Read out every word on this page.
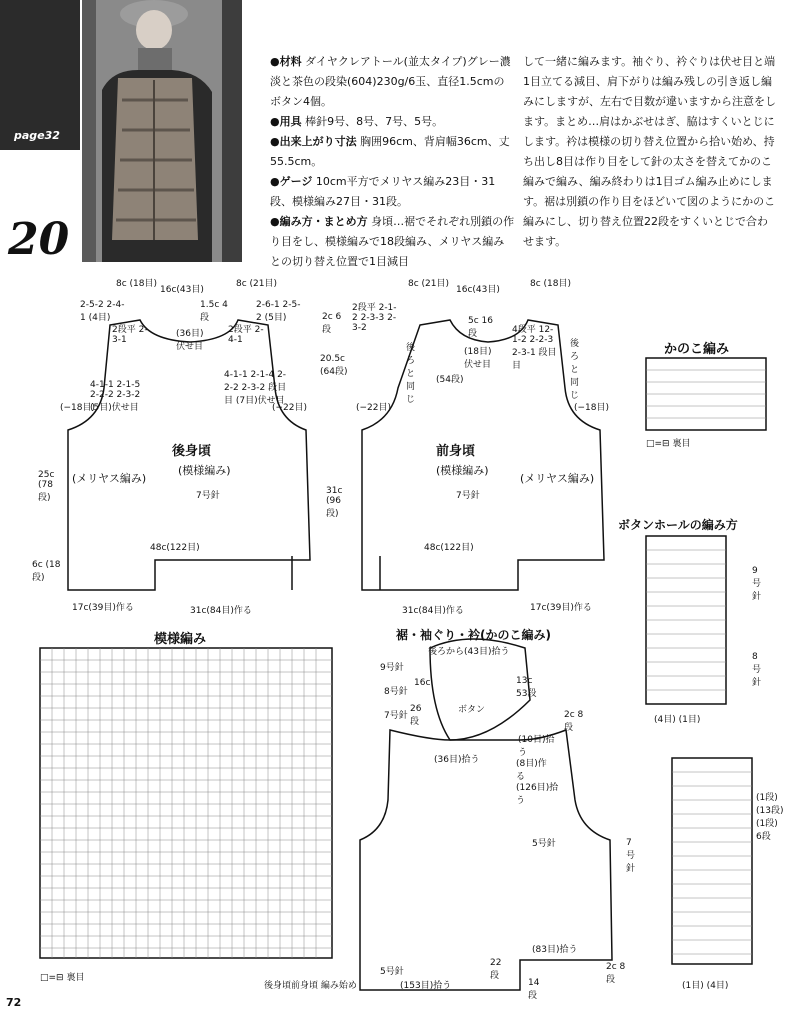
page32
20
●材料 ダイヤクレアトール(並太タイプ)グレー濃淡と茶色の段染(604)230g/6玉、直径1.5cmのボタン4個。
●用具 棒針9号、8号、7号、5号。
●出来上がり寸法 胸囲96cm、背肩幅36cm、丈55.5cm。
●ゲージ 10cm平方でメリヤス編み23目・31段、模様編み27目・31段。
●編み方・まとめ方 身頃…裾でそれぞれ別鎖の作り目をし、模様編みで18段編み、メリヤス編みとの切り替え位置で1目減目
して一緒に編みます。袖ぐり、衿ぐりは伏せ目と端1目立てる減目、肩下がりは編み残しの引き返し編みにしますが、左右で目数が違いますから注意をします。まとめ…肩はかぶせはぎ、脇はすくいとじにします。衿は模様の切り替え位置から拾い始め、持ち出し8目は作り目をして針の太さを替えてかのこ編みで編み、編み終わりは1目ゴム編み止めにします。裾は別鎖の作り目をほどいて図のようにかのこ編みにし、切り替え位置22段をすくいとじで合わせます。
後身頃
(模様編み)
7号針
(メリヤス編み)
前身頃
(模様編み)
7号針
(メリヤス編み)
48c(122目)	48c(122目)
31c(84目)作る
17c(39目)作る	31c(84目)作る	17c(39目)作る
16c(43目)	16c(43目)
8c (18目)	8c (21目)	8c (21目)	8c (18目)
2-5-2 2-4-1 (4目)
2-6-1 2-5-2 (5目)
2段平 2-3-1
1.5c 4段
(36目) 伏せ目
2段平 2-4-1
4-1-1 2-1-5 2-2-2 2-3-2 (5目)伏せ目
4-1-1 2-1-4 2-2-2 2-3-2 段目目 (7目)伏せ目
(−18目)	(−22目)
25c (78段)
6c (18段)
31c (96段)
20.5c (64段)
2段平 2-1-2 2-3-3 2-3-2
2c 6段
5c 16段
(18目) 伏せ目
4段平 12-1-2 2-2-3 2-3-1 段目目
(54段)
後ろと同じ
後ろと同じ
(−22目)	(−18目)
かのこ編み
□=⊟ 裏目
ボタンホールの編み方
模様編み
□=⊟ 裏目
後身頃前身頃 編み始め
裾・袖ぐり・衿(かのこ編み)
後ろから(43目)拾う
9号針
8号針
7号針
16c	13c 53段
26段
ボタン
(36目)拾う
(10目)拾う
(8目)作る
(126目)拾う
2c 8段
5号針
(83目)拾う
5号針
(153目)拾う
22段
14段
2c 8段
9号針
8号針
7号針
(4目) (1目)
(1目) (4目)
(1段) (13段) (1段) 6段
72
